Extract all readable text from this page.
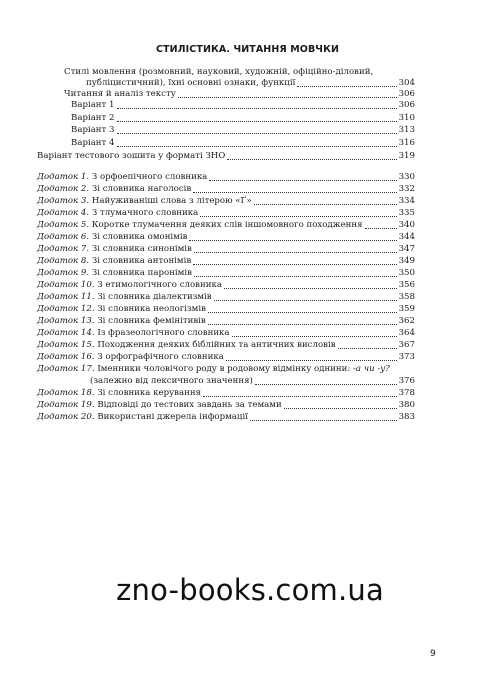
СТИЛІСТИКА. ЧИТАННЯ МОВЧКИ
Стилі мовлення (розмовний, науковий, художній, офіційно-діловий,
публіцистичний), їхні основні ознаки, функції	304
Читання й аналіз тексту	306
Варіант 1	306
Варіант 2	310
Варіант 3	313
Варіант 4	316
Варіант тестового зошита у форматі ЗНО	319
Додаток 1. З орфоепічного словника	330
Додаток 2. Зі словника наголосів	332
Додаток 3. Найуживаніші слова з літерою «Ґ»	334
Додаток 4. З тлумачного словника	335
Додаток 5. Коротке тлумачення деяких слів іншомовного походження	340
Додаток 6. Зі словника омонімів	344
Додаток 7. Зі словника синонімів	347
Додаток 8. Зі словника антонімів	349
Додаток 9. Зі словника паронімів	350
Додаток 10. З етимологічного словника	356
Додаток 11. Зі словника діалектизмів	358
Додаток 12. Зі словника неологізмів	359
Додаток 13. Зі словника фемінітивів	362
Додаток 14. Із фразеологічного словника	364
Додаток 15. Походження деяких біблійних та античних висловів	367
Додаток 16. З орфографічного словника	373
Додаток 17. Іменники чоловічого роду в родовому відмінку однини: -а чи -у?
(залежно від лексичного значення)	376
Додаток 18. Зі словника керування	378
Додаток 19. Відповіді до тестових завдань за темами	380
Додаток 20. Використані джерела інформації	383
zno-books.com.ua
9
